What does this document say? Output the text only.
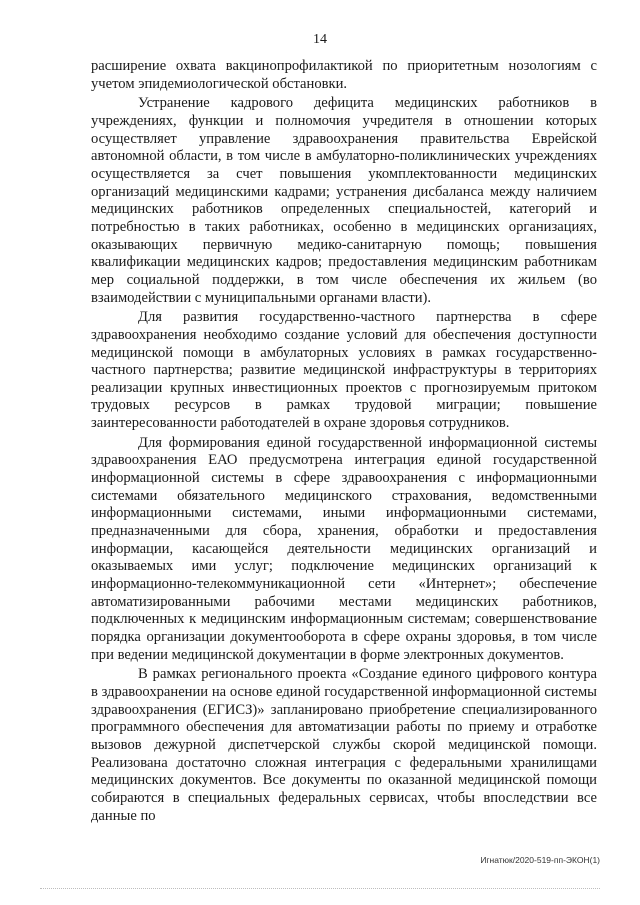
14

расширение охвата вакцинопрофилактикой по приоритетным нозологиям с учетом эпидемиологической обстановки.

Устранение кадрового дефицита медицинских работников в учреждениях, функции и полномочия учредителя в отношении которых осуществляет управление здравоохранения правительства Еврейской автономной области, в том числе в амбулаторно-поликлинических учреждениях осуществляется за счет повышения укомплектованности медицинских организаций медицинскими кадрами; устранения дисбаланса между наличием медицинских работников определенных специальностей, категорий и потребностью в таких работниках, особенно в медицинских организациях, оказывающих первичную медико-санитарную помощь; повышения квалификации медицинских кадров; предоставления медицинским работникам мер социальной поддержки, в том числе обеспечения их жильем (во взаимодействии с муниципальными органами власти).

Для развития государственно-частного партнерства в сфере здравоохранения необходимо создание условий для обеспечения доступности медицинской помощи в амбулаторных условиях в рамках государственно-частного партнерства; развитие медицинской инфраструктуры в территориях реализации крупных инвестиционных проектов с прогнозируемым притоком трудовых ресурсов в рамках трудовой миграции; повышение заинтересованности работодателей в охране здоровья сотрудников.

Для формирования единой государственной информационной системы здравоохранения ЕАО предусмотрена интеграция единой государственной информационной системы в сфере здравоохранения с информационными системами обязательного медицинского страхования, ведомственными информационными системами, иными информационными системами, предназначенными для сбора, хранения, обработки и предоставления информации, касающейся деятельности медицинских организаций и оказываемых ими услуг; подключение медицинских организаций к информационно-телекоммуникационной сети «Интернет»; обеспечение автоматизированными рабочими местами медицинских работников, подключенных к медицинским информационным системам; совершенствование порядка организации документооборота в сфере охраны здоровья, в том числе при ведении медицинской документации в форме электронных документов.

В рамках регионального проекта «Создание единого цифрового контура в здравоохранении на основе единой государственной информационной системы здравоохранения (ЕГИСЗ)» запланировано приобретение специализированного программного обеспечения для автоматизации работы по приему и отработке вызовов дежурной диспетчерской службы скорой медицинской помощи. Реализована достаточно сложная интеграция с федеральными хранилищами медицинских документов. Все документы по оказанной медицинской помощи собираются в специальных федеральных сервисах, чтобы впоследствии все данные по

Игнатюк/2020-519-пп-ЭКОН(1)
